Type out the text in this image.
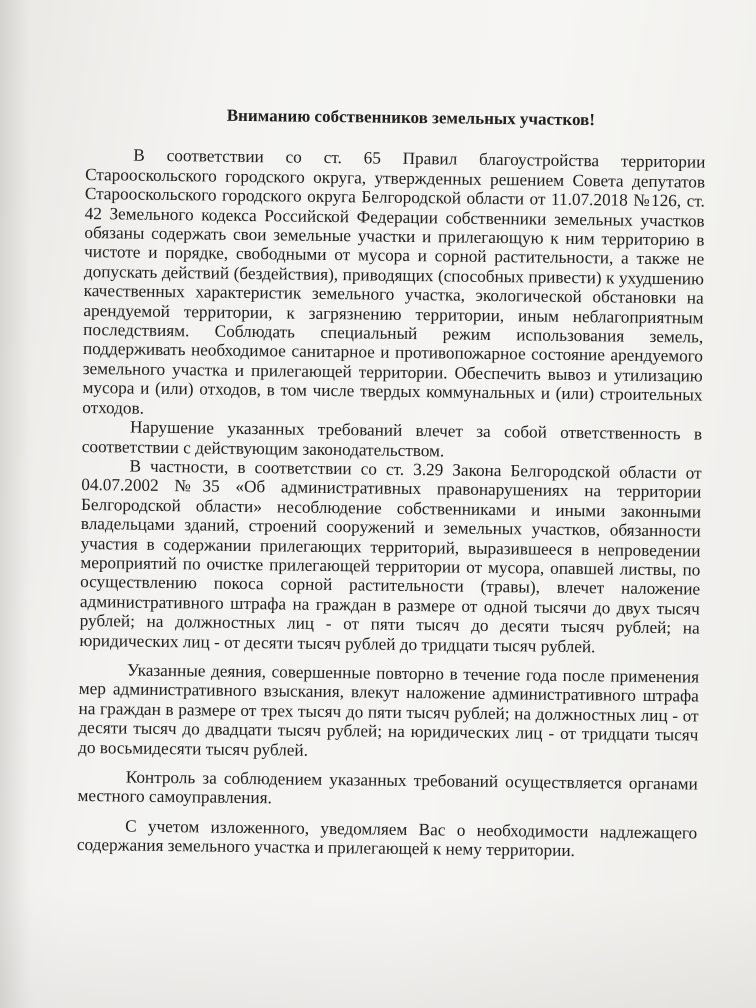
Вниманию собственников земельных участков!

В соответствии со ст. 65 Правил благоустройства территории Старооскольского городского округа, утвержденных решением Совета депутатов Старооскольского городского округа Белгородской области от 11.07.2018 №126, ст. 42 Земельного кодекса Российской Федерации собственники земельных участков обязаны содержать свои земельные участки и прилегающую к ним территорию в чистоте и порядке, свободными от мусора и сорной растительности, а также не допускать действий (бездействия), приводящих (способных привести) к ухудшению качественных характеристик земельного участка, экологической обстановки на арендуемой территории, к загрязнению территории, иным неблагоприятным последствиям. Соблюдать специальный режим использования земель, поддерживать необходимое санитарное и противопожарное состояние арендуемого земельного участка и прилегающей территории. Обеспечить вывоз и утилизацию мусора и (или) отходов, в том числе твердых коммунальных и (или) строительных отходов.

Нарушение указанных требований влечет за собой ответственность в соответствии с действующим законодательством.

В частности, в соответствии со ст. 3.29 Закона Белгородской области от 04.07.2002 №35 «Об административных правонарушениях на территории Белгородской области» несоблюдение собственниками и иными законными владельцами зданий, строений сооружений и земельных участков, обязанности участия в содержании прилегающих территорий, выразившееся в непроведении мероприятий по очистке прилегающей территории от мусора, опавшей листвы, по осуществлению покоса сорной растительности (травы), влечет наложение административного штрафа на граждан в размере от одной тысячи до двух тысяч рублей; на должностных лиц - от пяти тысяч до десяти тысяч рублей; на юридических лиц - от десяти тысяч рублей до тридцати тысяч рублей.

Указанные деяния, совершенные повторно в течение года после применения мер административного взыскания, влекут наложение административного штрафа на граждан в размере от трех тысяч до пяти тысяч рублей; на должностных лиц - от десяти тысяч до двадцати тысяч рублей; на юридических лиц - от тридцати тысяч до восьмидесяти тысяч рублей.

Контроль за соблюдением указанных требований осуществляется органами местного самоуправления.

С учетом изложенного, уведомляем Вас о необходимости надлежащего содержания земельного участка и прилегающей к нему территории.
